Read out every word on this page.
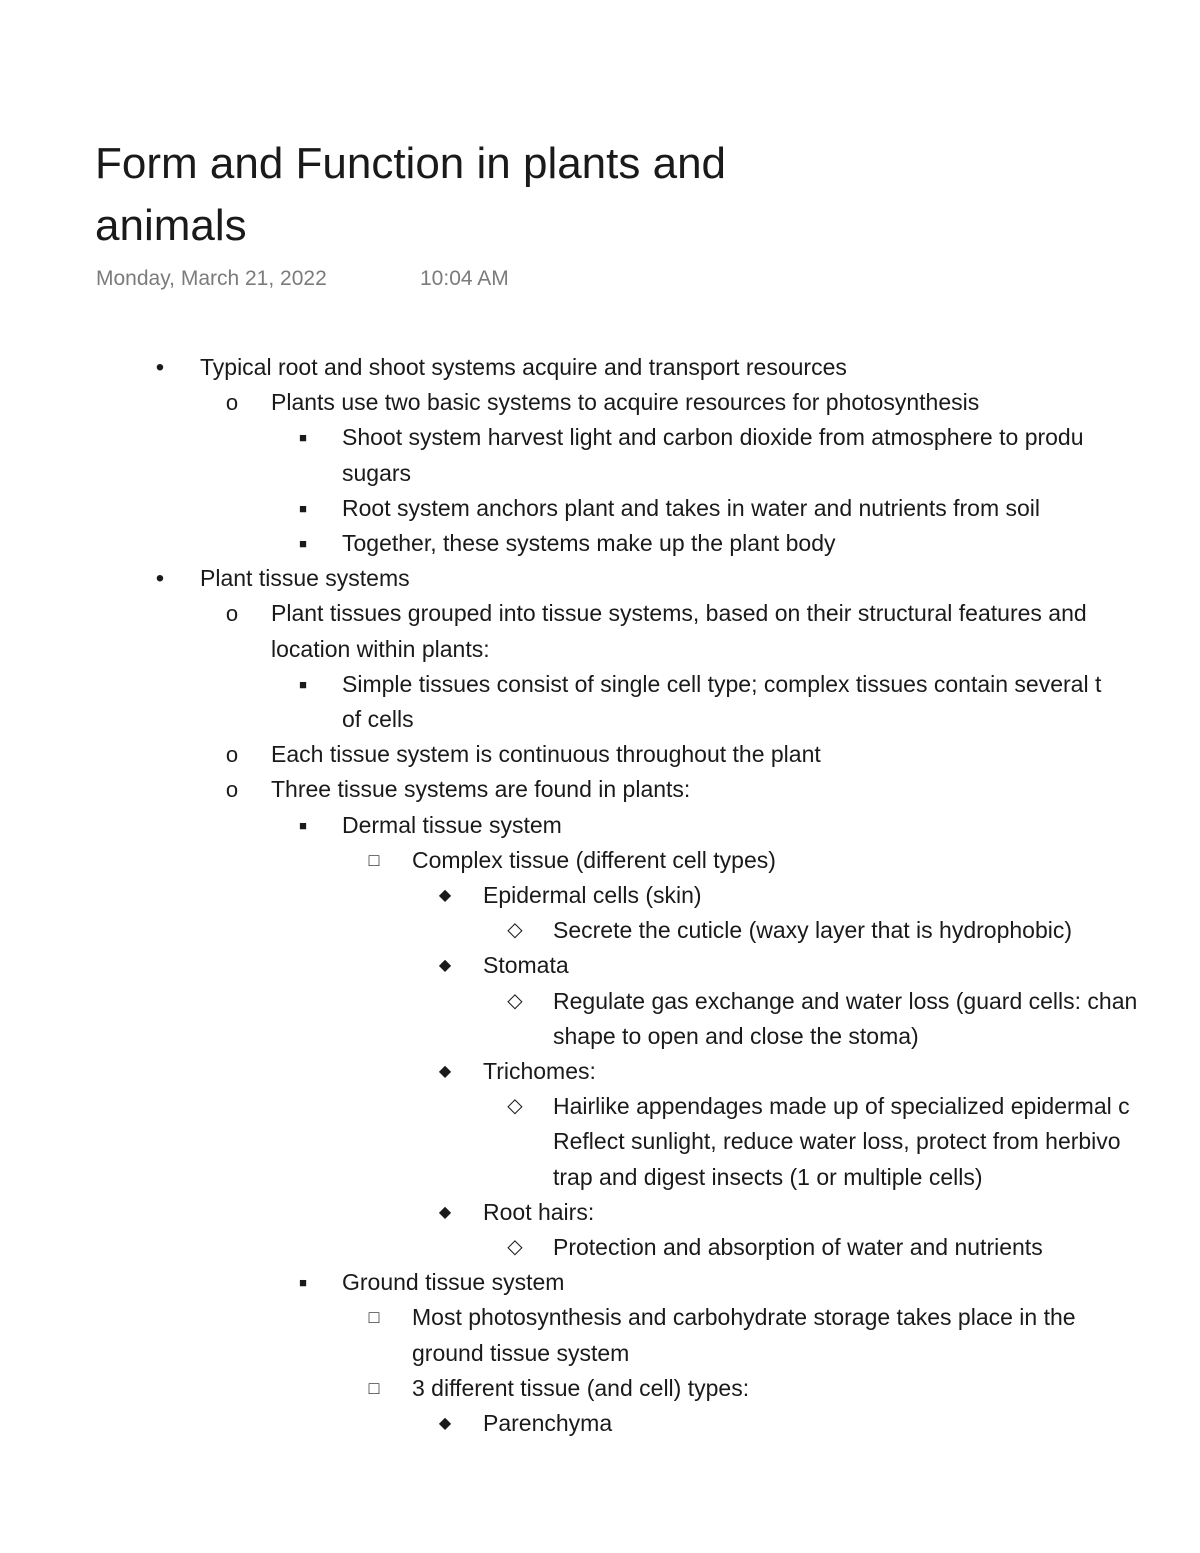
Form and Function in plants and animals
Monday, March 21, 2022	10:04 AM
•	Typical root and shoot systems acquire and transport resources
o	Plants use two basic systems to acquire resources for photosynthesis
■	Shoot system harvest light and carbon dioxide from atmosphere to produ
sugars
■	Root system anchors plant and takes in water and nutrients from soil
■	Together, these systems make up the plant body
•	Plant tissue systems
o	Plant tissues grouped into tissue systems, based on their structural features and
location within plants:
■	Simple tissues consist of single cell type; complex tissues contain several t
of cells
o	Each tissue system is continuous throughout the plant
o	Three tissue systems are found in plants:
■	Dermal tissue system
□	Complex tissue (different cell types)
◆	Epidermal cells (skin)
◇	Secrete the cuticle (waxy layer that is hydrophobic)
◆	Stomata
◇	Regulate gas exchange and water loss (guard cells: chan
shape to open and close the stoma)
◆	Trichomes:
◇	Hairlike appendages made up of specialized epidermal c
Reflect sunlight, reduce water loss, protect from herbivo
trap and digest insects (1 or multiple cells)
◆	Root hairs:
◇	Protection and absorption of water and nutrients
■	Ground tissue system
□	Most photosynthesis and carbohydrate storage takes place in the
ground tissue system
□	3 different tissue (and cell) types:
◆	Parenchyma
